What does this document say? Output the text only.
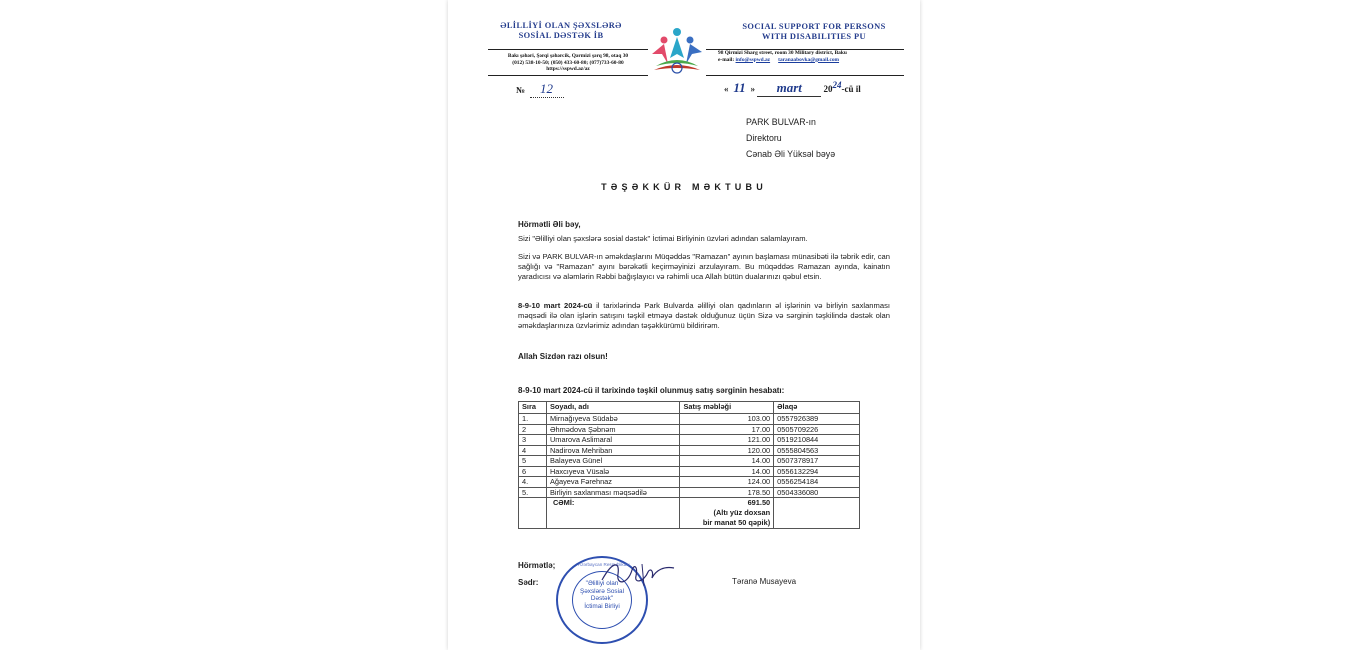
ƏLİLLİYİ OLAN ŞƏXSLƏRƏ
SOSİAL DƏSTƏK İB
SOCIAL SUPPORT FOR PERSONS
WITH DISABILITIES PU
Bakı şəhəri, Şərqi şəhərcik, Qərmizi şərq 98, otaq 30
(012) 538-10-50; (050) 433-60-80; (077)733-60-80
https://sspwd.az/az
98 Qirmizi Sharg street, room 30 Military district, Baku
e-mail: info@sspwd.az taranaabovka@gmail.com
№ 12	« 11 » mart 2024-cü il
PARK BULVAR-ın
Direktoru
Cənab Əli Yüksəl bəyə
TƏŞƏKKÜR MƏKTUBU
Hörmətli Əli bəy,
Sizi "Əlilliyi olan şəxslərə sosial dəstək" İctimai Birliyinin üzvləri adından salamlayıram.
Sizi və PARK BULVAR-ın əməkdaşlarını Müqəddəs "Ramazan" ayının başlaması münasibəti ilə təbrik edir, can sağlığı və "Ramazan" ayını bərəkətli keçirməyinizi arzulayıram. Bu müqəddəs Ramazan ayında, kainatın yaradıcısı və aləmlərin Rəbbi bağışlayıcı və rəhimli uca Allah bütün dualarınızı qəbul etsin.
8-9-10 mart 2024-cü il tarixlərində Park Bulvarda əlilliyi olan qadınların əl işlərinin və birliyin saxlanması məqsədi ilə olan işlərin satışını təşkil etməyə dəstək olduğunuz üçün Sizə və sərginin təşkilində dəstək olan əməkdaşlarınıza üzvlərimiz adından təşəkkürümü bildirirəm.
Allah Sizdən razı olsun!
8-9-10 mart 2024-cü il tarixində təşkil olunmuş satış sərginin hesabatı:
Sıra	Soyadı, adı	Satış məbləği	Əlaqə
1.	Mirnağıyeva Südabə	103.00	0557926389
2	Əhmədova Şəbnəm	17.00	0505709226
3	Umarova Aslimaral	121.00	0519210844
4	Nadirova Mehriban	120.00	0555804563
5	Balayeva Günel	14.00	0507378917
6	Haxcıyeva Vüsalə	14.00	0556132294
4.	Ağayeva Fərehnaz	124.00	0556254184
5.	Birliyin saxlanması məqsədilə	178.50	0504336080
	CƏMİ:	691.50
(Altı yüz doxsan
bir manat 50 qəpik)	

Hörmətlə;
Sədr:	Təranə Musayeva
Azərbaycan Respublikası
"Əlilliyi olan
Şəxslərə Sosial
Dəstək"
İctimai Birliyi
